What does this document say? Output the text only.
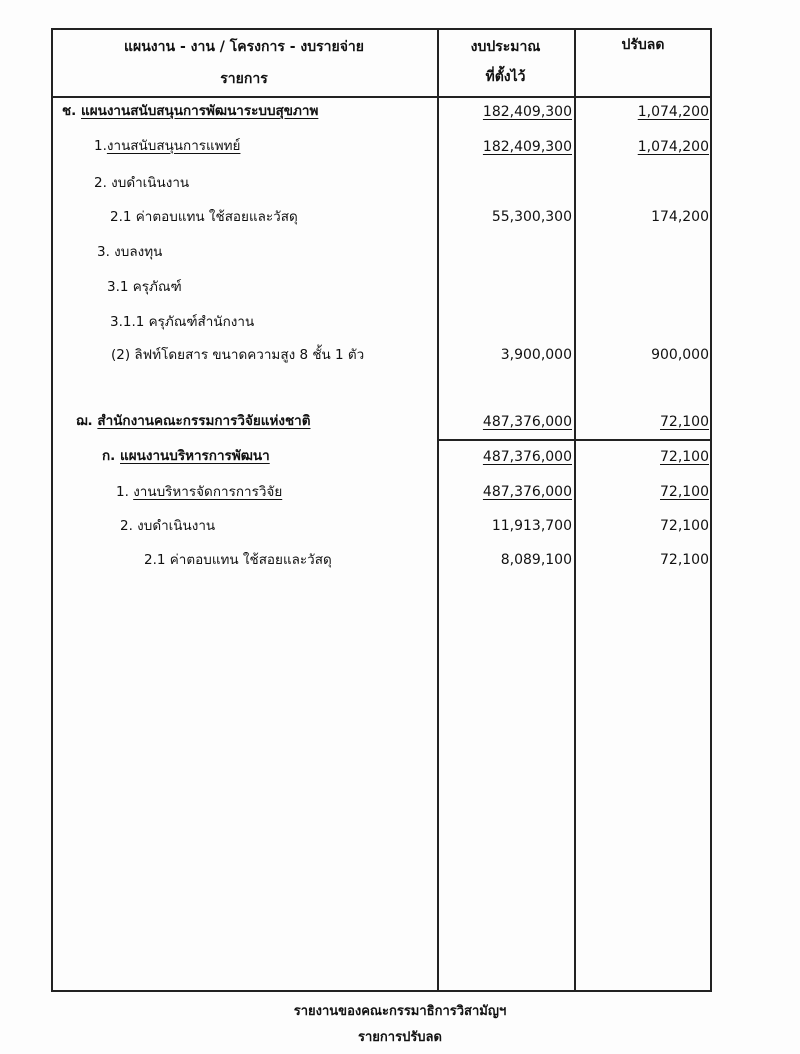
แผนงาน - งาน / โครงการ - งบรายจ่าย
รายการ
งบประมาณ
ที่ตั้งไว้
ปรับลด
ช. แผนงานสนับสนุนการพัฒนาระบบสุขภาพ	182,409,300	1,074,200
1.งานสนับสนุนการแพทย์	182,409,300	1,074,200
2. งบดำเนินงาน
2.1 ค่าตอบแทน ใช้สอยและวัสดุ	55,300,300	174,200
3. งบลงทุน
3.1 ครุภัณฑ์
3.1.1 ครุภัณฑ์สำนักงาน
(2) ลิฟท์โดยสาร ขนาดความสูง 8 ชั้น 1 ตัว	3,900,000	900,000
ฌ. สำนักงานคณะกรรมการวิจัยแห่งชาติ	487,376,000	72,100
ก. แผนงานบริหารการพัฒนา	487,376,000	72,100
1. งานบริหารจัดการการวิจัย	487,376,000	72,100
2. งบดำเนินงาน	11,913,700	72,100
2.1 ค่าตอบแทน ใช้สอยและวัสดุ	8,089,100	72,100
รายงานของคณะกรรมาธิการวิสามัญฯ
รายการปรับลด
